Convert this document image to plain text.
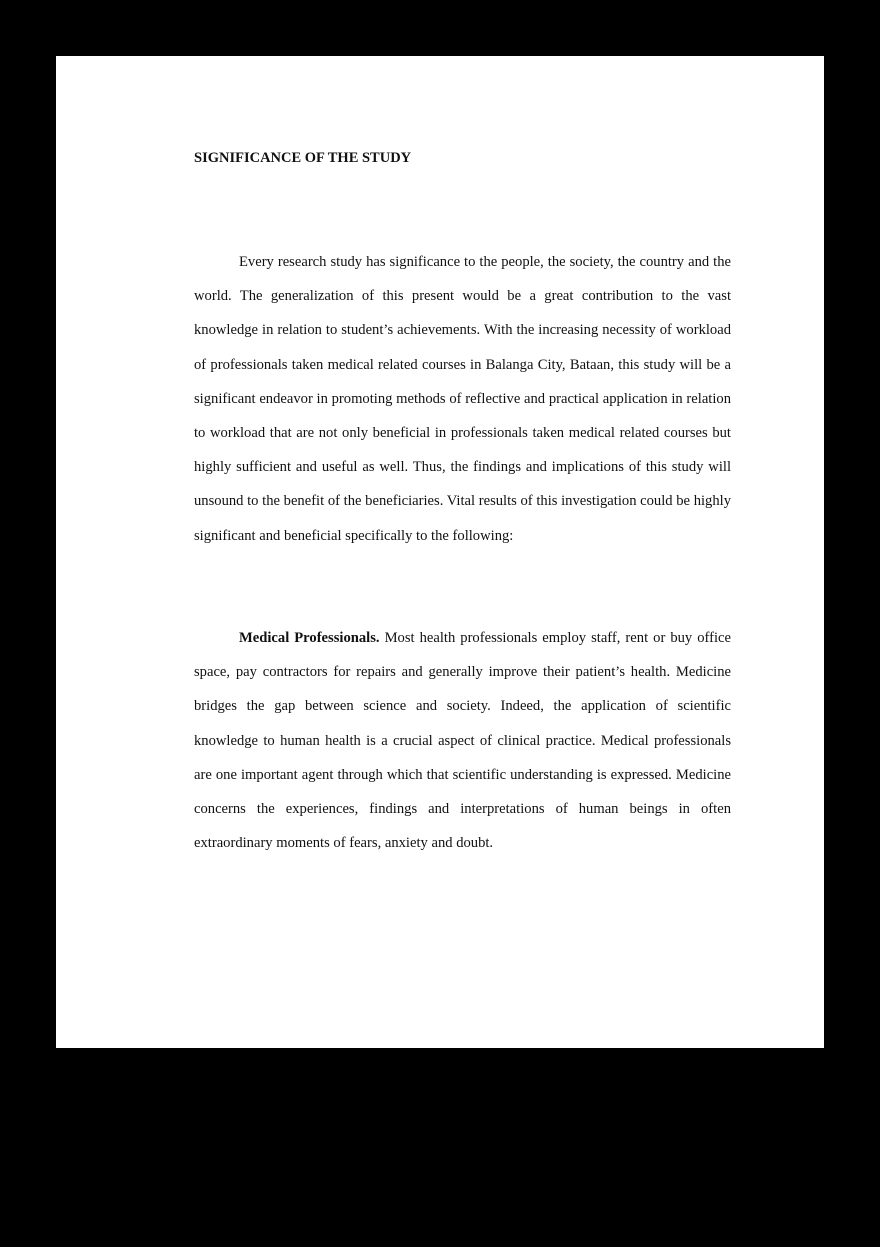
SIGNIFICANCE OF THE STUDY

Every research study has significance to the people, the society, the country and the world. The generalization of this present would be a great contribution to the vast knowledge in relation to student’s achievements. With the increasing necessity of workload of professionals taken medical related courses in Balanga City, Bataan, this study will be a significant endeavor in promoting methods of reflective and practical application in relation to workload that are not only beneficial in professionals taken medical related courses but highly sufficient and useful as well. Thus, the findings and implications of this study will unsound to the benefit of the beneficiaries. Vital results of this investigation could be highly significant and beneficial specifically to the following:

Medical Professionals. Most health professionals employ staff, rent or buy office space, pay contractors for repairs and generally improve their patient’s health. Medicine bridges the gap between science and society. Indeed, the application of scientific knowledge to human health is a crucial aspect of clinical practice. Medical professionals are one important agent through which that scientific understanding is expressed. Medicine concerns the experiences, findings and interpretations of human beings in often extraordinary moments of fears, anxiety and doubt.
